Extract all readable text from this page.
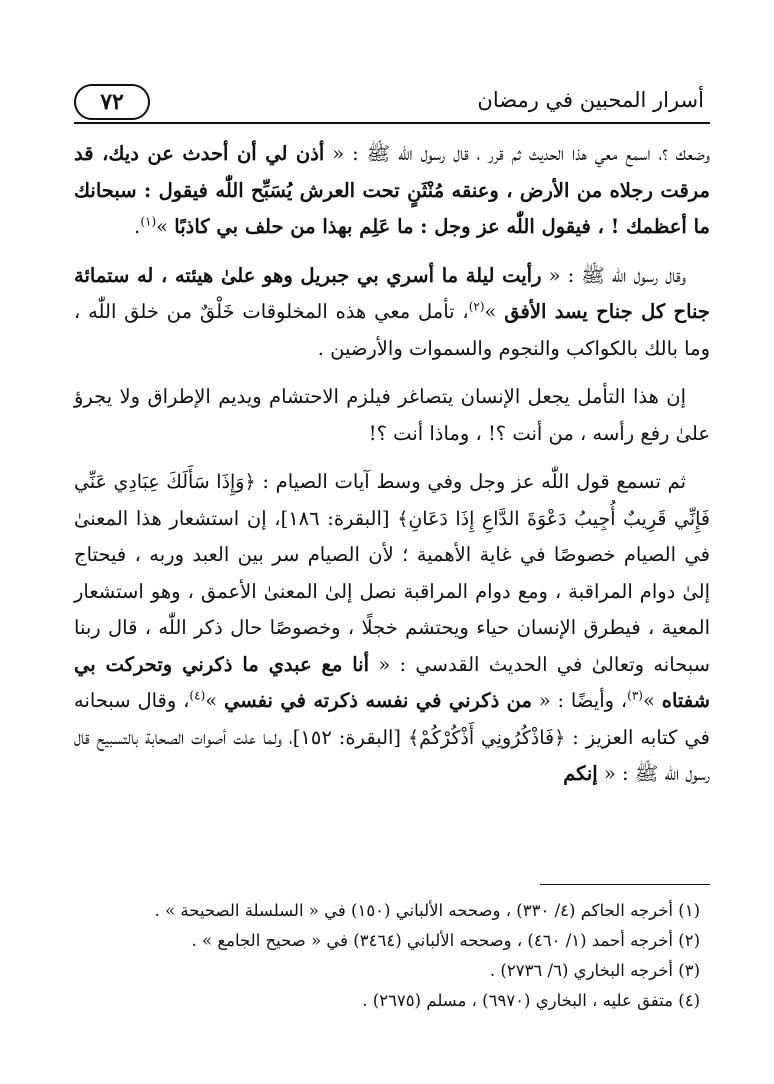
٧٢	أسرار المحبين في رمضان

وضعك ؟، اسمع معي هذا الحديث ثم قرر ، قال رسول اللّٰه ﷺ : « أذن لي أن أحدث عن ديك، قد مرقت رجلاه من الأرض ، وعنقه مُنْثَنٍ تحت العرش يُسَبِّح اللّٰه فيقول : سبحانك ما أعظمك ! ، فيقول اللّٰه عز وجل : ما عَلِم بهذا من حلف بي كاذبًا »$^{(١)}$.

وقال رسول اللّٰه ﷺ : « رأيت ليلة ما أسري بي جبريل وهو علىٰ هيئته ، له ستمائة جناح كل جناح يسد الأفق »$^{(٢)}$، تأمل معي هذه المخلوقات خَلْقٌ من خلق اللّٰه ، وما بالك بالكواكب والنجوم والسموات والأرضين .

إن هذا التأمل يجعل الإنسان يتصاغر فيلزم الاحتشام ويديم الإطراق ولا يجرؤ علىٰ رفع رأسه ، من أنت ؟! ، وماذا أنت ؟!

ثم تسمع قول اللّٰه عز وجل وفي وسط آيات الصيام : ﴿وَإِذَا سَأَلَكَ عِبَادِي عَنِّي فَإِنِّي قَرِيبٌ أُجِيبُ دَعْوَةَ الدَّاعِ إِذَا دَعَانِ﴾ [البقرة: ١٨٦]، إن استشعار هذا المعنىٰ في الصيام خصوصًا في غاية الأهمية ؛ لأن الصيام سر بين العبد وربه ، فيحتاج إلىٰ دوام المراقبة ، ومع دوام المراقبة نصل إلىٰ المعنىٰ الأعمق ، وهو استشعار المعية ، فيطرق الإنسان حياء ويحتشم خجلًا ، وخصوصًا حال ذكر اللّٰه ، قال ربنا سبحانه وتعالىٰ في الحديث القدسي : « أنا مع عبدي ما ذكرني وتحركت بي شفتاه »$^{(٣)}$، وأيضًا : « من ذكرني في نفسه ذكرته في نفسي »$^{(٤)}$، وقال سبحانه في كتابه العزيز : ﴿فَاذْكُرُونِي أَذْكُرْكُمْ﴾ [البقرة: ١٥٢]، ولما علت أصوات الصحابة بالتسبيح قال رسول اللّٰه ﷺ : « إنكم

(١) أخرجه الحاكم (٤/ ٣٣٠) ، وصححه الألباني (١٥٠) في « السلسلة الصحيحة » .

(٢) أخرجه أحمد (١/ ٤٦٠) ، وصححه الألباني (٣٤٦٤) في « صحيح الجامع » .

(٣) أخرجه البخاري (٦/ ٢٧٣٦) .

(٤) متفق عليه ، البخاري (٦٩٧٠) ، مسلم (٢٦٧٥) .
